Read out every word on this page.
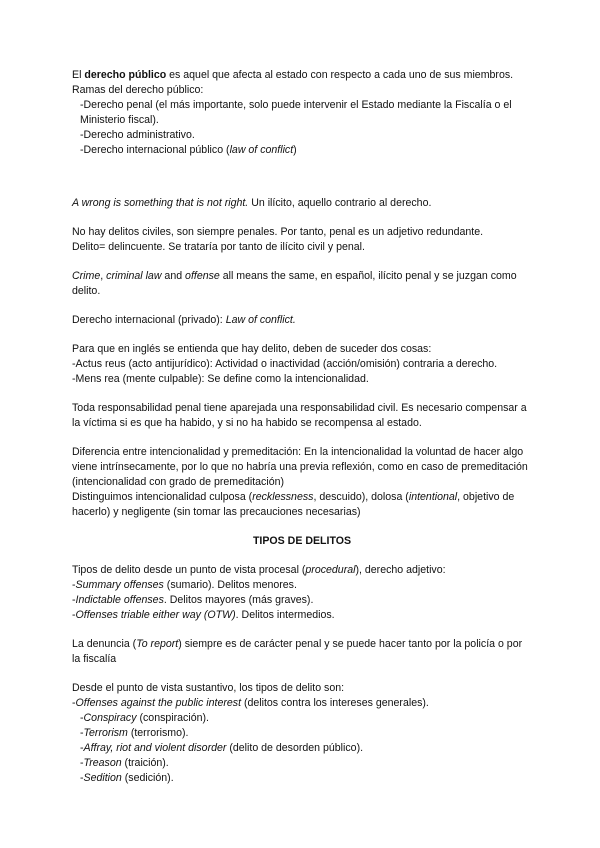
El derecho público es aquel que afecta al estado con respecto a cada uno de sus miembros. Ramas del derecho público:

-Derecho penal (el más importante, solo puede intervenir el Estado mediante la Fiscalía o el Ministerio fiscal).

-Derecho administrativo.

-Derecho internacional público (law of conflict)

A wrong is something that is not right. Un ilícito, aquello contrario al derecho.

No hay delitos civiles, son siempre penales. Por tanto, penal es un adjetivo redundante.

Delito= delincuente. Se trataría por tanto de ilícito civil y penal.

Crime, criminal law and offense all means the same, en español, ilícito penal y se juzgan como delito.

Derecho internacional (privado): Law of conflict.

Para que en inglés se entienda que hay delito, deben de suceder dos cosas:

-Actus reus (acto antijurídico): Actividad o inactividad (acción/omisión) contraria a derecho.

-Mens rea (mente culpable): Se define como la intencionalidad.

Toda responsabilidad penal tiene aparejada una responsabilidad civil. Es necesario compensar a la víctima si es que ha habido, y si no ha habido se recompensa al estado.

Diferencia entre intencionalidad y premeditación: En la intencionalidad la voluntad de hacer algo viene intrínsecamente, por lo que no habría una previa reflexión, como en caso de premeditación (intencionalidad con grado de premeditación)

Distinguimos intencionalidad culposa (recklessness, descuido), dolosa (intentional, objetivo de hacerlo) y negligente (sin tomar las precauciones necesarias)

TIPOS DE DELITOS

Tipos de delito desde un punto de vista procesal (procedural), derecho adjetivo:

-Summary offenses (sumario). Delitos menores.

-Indictable offenses. Delitos mayores (más graves).

-Offenses triable either way (OTW). Delitos intermedios.

La denuncia (To report) siempre es de carácter penal y se puede hacer tanto por la policía o por la fiscalía

Desde el punto de vista sustantivo, los tipos de delito son:

-Offenses against the public interest (delitos contra los intereses generales).

-Conspiracy (conspiración).

-Terrorism (terrorismo).

-Affray, riot and violent disorder (delito de desorden público).

-Treason (traición).

-Sedition (sedición).
